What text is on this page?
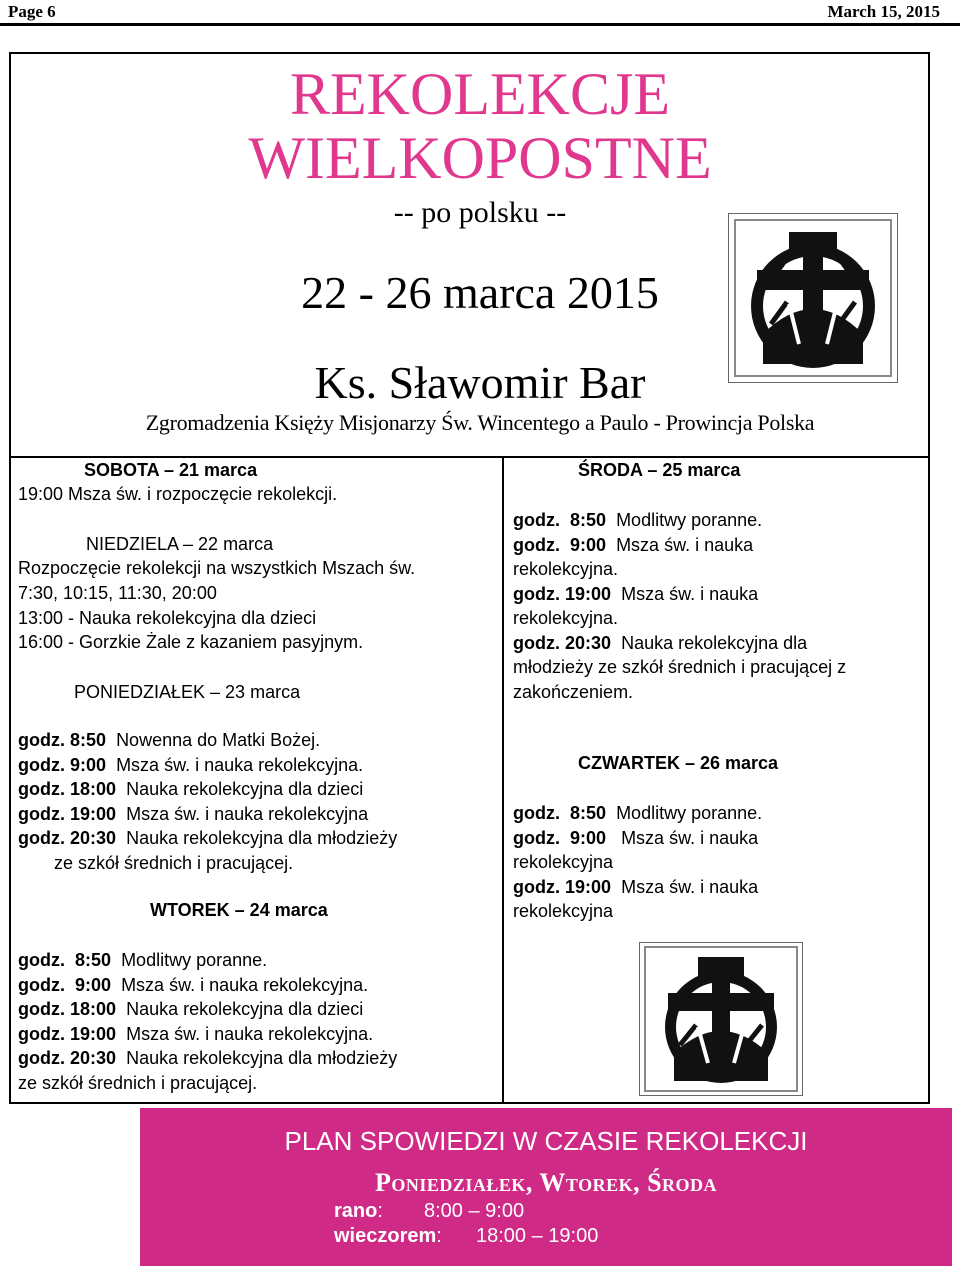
Page 6	March 15, 2015
REKOLEKCJE
WIELKOPOSTNE
-- po polsku --
22 - 26 marca 2015
Ks. Sławomir Bar
Zgromadzenia Księży Misjonarzy Św. Wincentego a Paulo - Prowincja Polska
SOBOTA – 21 marca
19:00 Msza św. i rozpoczęcie rekolekcji.
NIEDZIELA – 22 marca
Rozpoczęcie rekolekcji na wszystkich Mszach św.
7:30, 10:15, 11:30, 20:00
13:00 - Nauka rekolekcyjna dla dzieci
16:00 - Gorzkie Żale z kazaniem pasyjnym.
PONIEDZIAŁEK – 23 marca
godz. 8:50 Nowenna do Matki Bożej.
godz. 9:00 Msza św. i nauka rekolekcyjna.
godz. 18:00 Nauka rekolekcyjna dla dzieci
godz. 19:00 Msza św. i nauka rekolekcyjna
godz. 20:30 Nauka rekolekcyjna dla młodzieży
ze szkół średnich i pracującej.
WTOREK – 24 marca
godz. 8:50 Modlitwy poranne.
godz. 9:00 Msza św. i nauka rekolekcyjna.
godz. 18:00 Nauka rekolekcyjna dla dzieci
godz. 19:00 Msza św. i nauka rekolekcyjna.
godz. 20:30 Nauka rekolekcyjna dla młodzieży
ze szkół średnich i pracującej.
ŚRODA – 25 marca
godz. 8:50 Modlitwy poranne.
godz. 9:00 Msza św. i nauka
rekolekcyjna.
godz. 19:00 Msza św. i nauka
rekolekcyjna.
godz. 20:30 Nauka rekolekcyjna dla
młodzieży ze szkół średnich i pracującej z
zakończeniem.
CZWARTEK – 26 marca
godz. 8:50 Modlitwy poranne.
godz. 9:00 Msza św. i nauka
rekolekcyjna
godz. 19:00 Msza św. i nauka
rekolekcyjna
PLAN SPOWIEDZI W CZASIE REKOLEKCJI
Poniedziałek, Wtorek, Środa
rano: 8:00 – 9:00
wieczorem: 18:00 – 19:00
